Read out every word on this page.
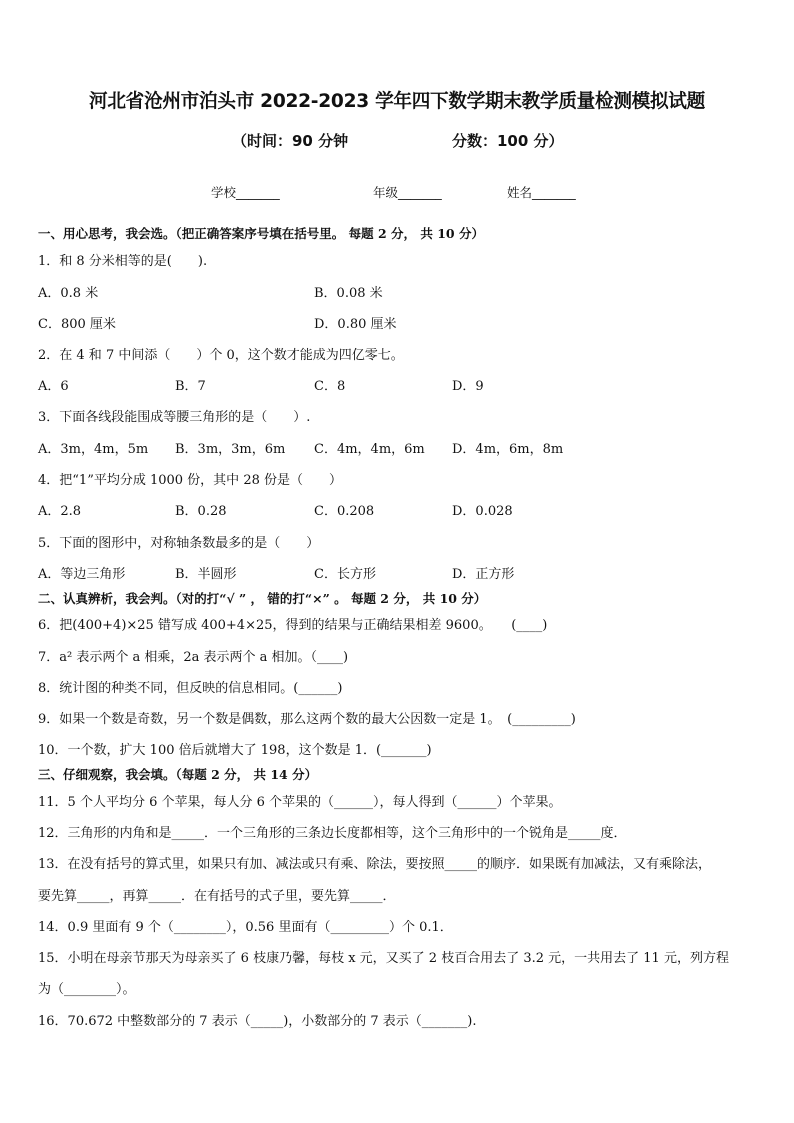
河北省沧州市泊头市 2022-2023 学年四下数学期末教学质量检测模拟试题
（时间：90 分钟	分数：100 分）
学校_______	年级_______	姓名_______
一、用心思考，我会选。（把正确答案序号填在括号里。 每题 2 分， 共 10 分）
1．和 8 分米相等的是(　　).
A．0.8 米	B．0.08 米
C．800 厘米	D．0.80 厘米
2．在 4 和 7 中间添（　　）个 0，这个数才能成为四亿零七。
A．6	B．7	C．8	D．9
3．下面各线段能围成等腰三角形的是（　　）.
A．3m，4m，5m B．3m，3m，6m C．4m，4m，6m D．4m，6m，8m
4．把“1”平均分成 1000 份，其中 28 份是（　　）
A．2.8	B．0.28	C．0.208	D．0.028
5．下面的图形中，对称轴条数最多的是（　　）
A．等边三角形	B．半圆形	C．长方形	D．正方形
二、认真辨析，我会判。（对的打“√ ” ， 错的打“×” 。 每题 2 分， 共 10 分）
6．把(400+4)×25 错写成 400+4×25，得到的结果与正确结果相差 9600。　　(____)
7．a² 表示两个 a 相乘，2a 表示两个 a 相加。（____)
8．统计图的种类不同，但反映的信息相同。(______)
9．如果一个数是奇数，另一个数是偶数，那么这两个数的最大公因数一定是 1。　(_________)
10．一个数，扩大 100 倍后就增大了 198，这个数是 1．(_______)
三、仔细观察，我会填。（每题 2 分， 共 14 分）
11．5 个人平均分 6 个苹果，每人分 6 个苹果的（______），每人得到（______）个苹果。
12．三角形的内角和是_____．一个三角形的三条边长度都相等，这个三角形中的一个锐角是_____度．
13．在没有括号的算式里，如果只有加、减法或只有乘、除法，要按照_____的顺序．如果既有加减法，又有乘除法，
要先算_____，再算_____．在有括号的式子里，要先算_____．
14．0.9 里面有 9 个（________），0.56 里面有（_________）个 0.1．
15．小明在母亲节那天为母亲买了 6 枝康乃馨，每枝 x 元，又买了 2 枝百合用去了 3.2 元，一共用去了 11 元，列方程
为（________）。
16．70.672 中整数部分的 7 表示（_____)，小数部分的 7 表示（_______).
